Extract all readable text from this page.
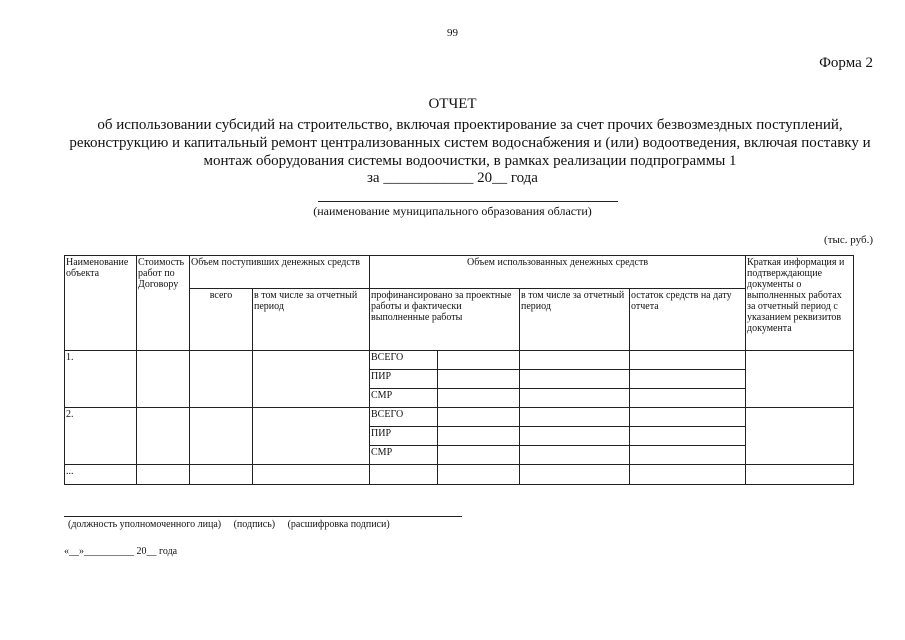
99
Форма 2
ОТЧЕТ
об использовании субсидий на строительство, включая проектирование за счет прочих безвозмездных поступлений, реконструкцию и капитальный ремонт централизованных систем водоснабжения и (или) водоотведения, включая поставку и монтаж оборудования системы водоочистки, в рамках реализации подпрограммы 1
за ____________ 20__ года
(наименование муниципального образования области)
(тыс. руб.)
Наименование объекта	Стоимость работ по Договору	Объем поступивших денежных средств		Объем использованных денежных средств				Краткая информация и подтверждающие документы о выполненных работах за отчетный период с указанием реквизитов документа
		всего	в том числе за отчетный период	профинансировано за проектные работы и фактически выполненные работы		в том числе за отчетный период	остаток средств на дату отчета	
1.				ВСЕГО				
				ПИР				
				СМР				
2.				ВСЕГО				
				ПИР				
				СМР				
...								
(должность уполномоченного лица)     (подпись)     (расшифровка подписи)
«__»__________ 20__ года
